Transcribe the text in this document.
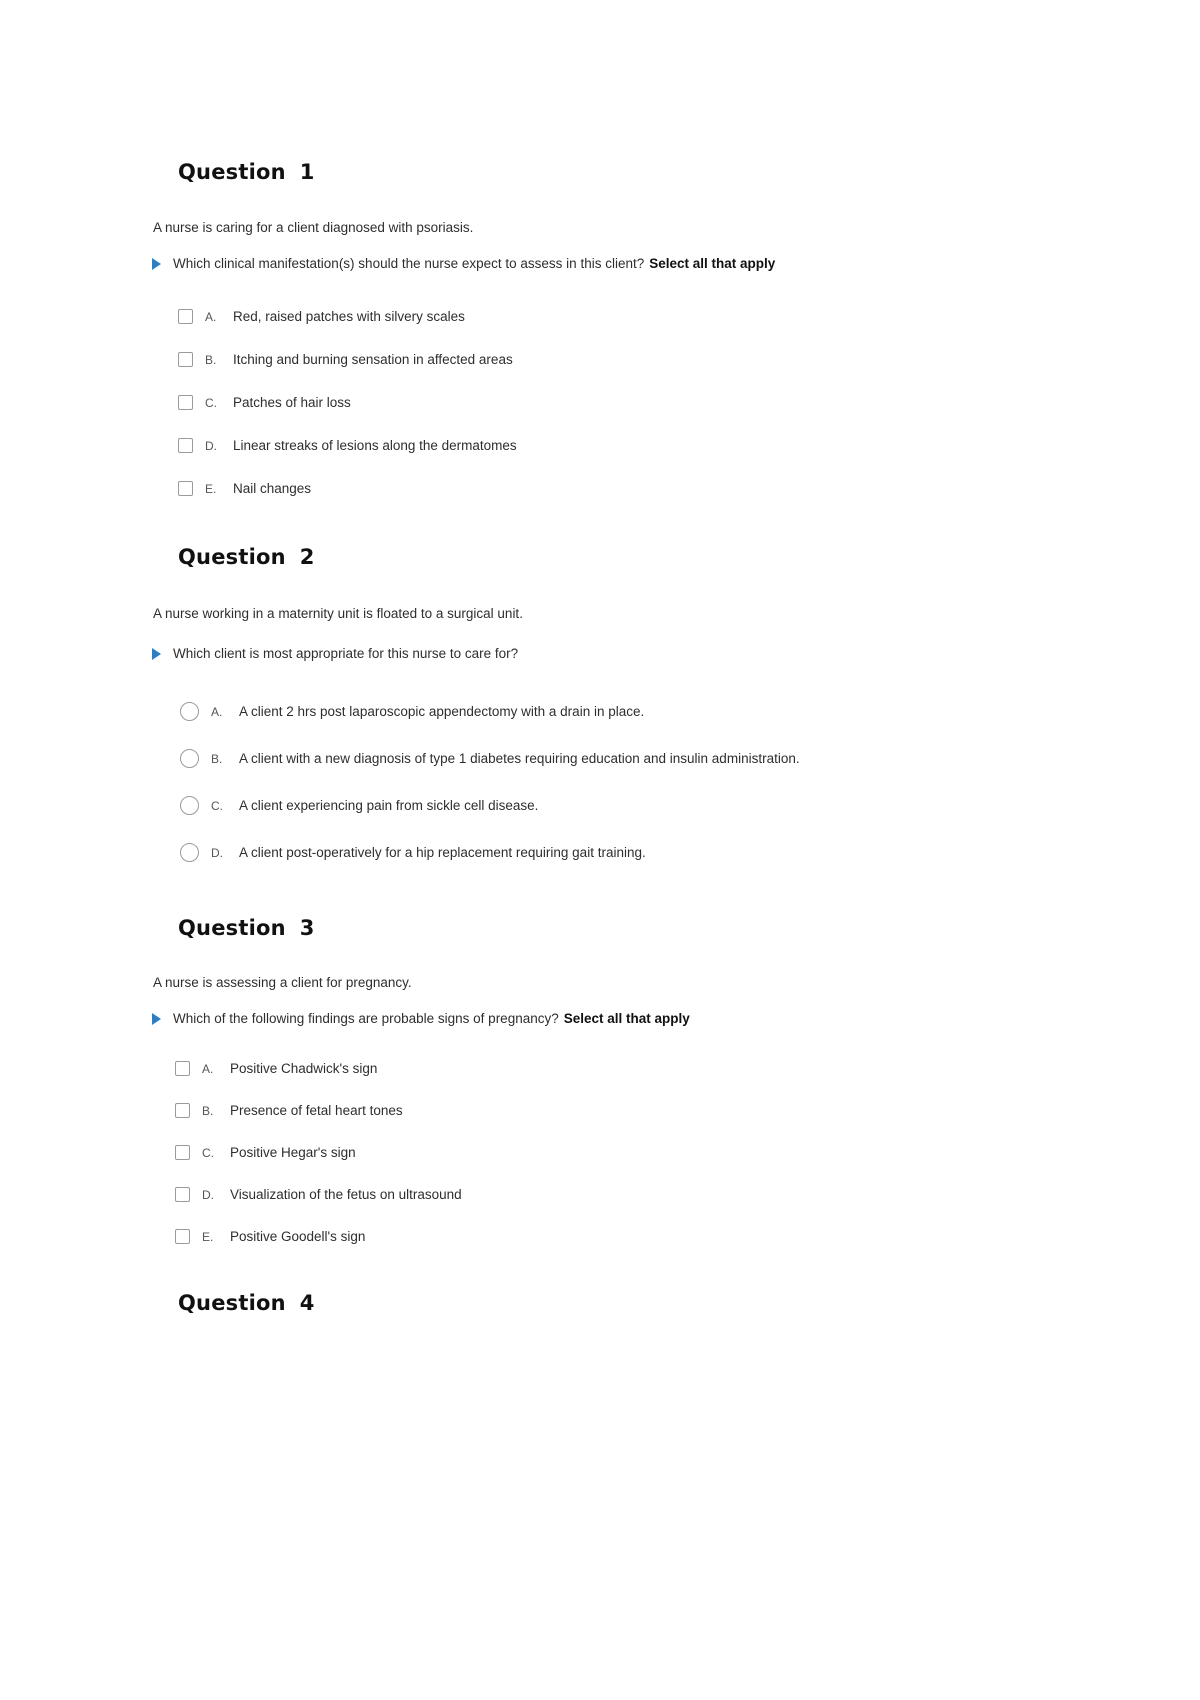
Question 1
A nurse is caring for a client diagnosed with psoriasis.
Which clinical manifestation(s) should the nurse expect to assess in this client? Select all that apply
A.	Red, raised patches with silvery scales
B.	Itching and burning sensation in affected areas
C.	Patches of hair loss
D.	Linear streaks of lesions along the dermatomes
E.	Nail changes
Question 2
A nurse working in a maternity unit is floated to a surgical unit.
Which client is most appropriate for this nurse to care for?
A.	A client 2 hrs post laparoscopic appendectomy with a drain in place.
B.	A client with a new diagnosis of type 1 diabetes requiring education and insulin administration.
C.	A client experiencing pain from sickle cell disease.
D.	A client post-operatively for a hip replacement requiring gait training.
Question 3
A nurse is assessing a client for pregnancy.
Which of the following findings are probable signs of pregnancy? Select all that apply
A.	Positive Chadwick's sign
B.	Presence of fetal heart tones
C.	Positive Hegar's sign
D.	Visualization of the fetus on ultrasound
E.	Positive Goodell's sign
Question 4
